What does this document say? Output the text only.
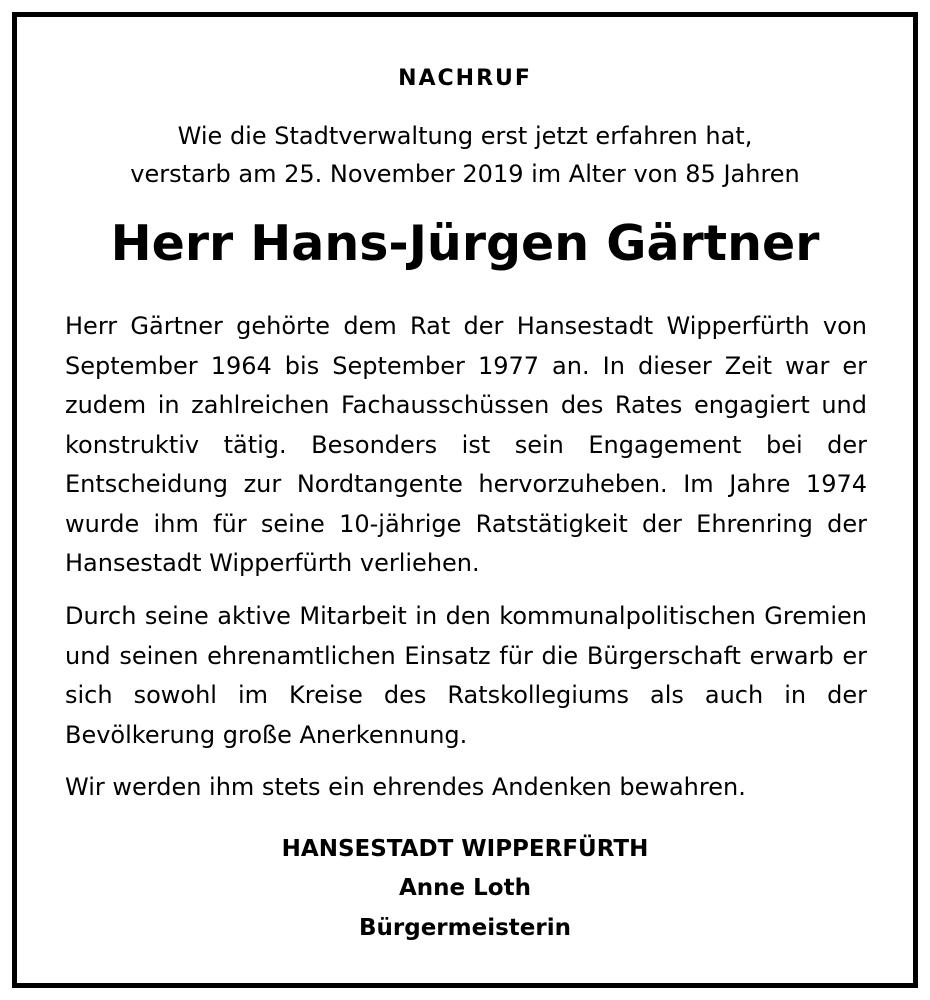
NACHRUF
Wie die Stadtverwaltung erst jetzt erfahren hat,
verstarb am 25. November 2019 im Alter von 85 Jahren
Herr Hans-Jürgen Gärtner
Herr Gärtner gehörte dem Rat der Hansestadt Wipperfürth von September 1964 bis September 1977 an. In dieser Zeit war er zudem in zahlreichen Fachausschüssen des Rates engagiert und konstruktiv tätig. Besonders ist sein Engagement bei der Entscheidung zur Nordtangente hervorzuheben. Im Jahre 1974 wurde ihm für seine 10-jährige Ratstätigkeit der Ehrenring der Hansestadt Wipperfürth verliehen.
Durch seine aktive Mitarbeit in den kommunalpolitischen Gremien und seinen ehrenamtlichen Einsatz für die Bürgerschaft erwarb er sich sowohl im Kreise des Ratskollegiums als auch in der Bevölkerung große Anerkennung.
Wir werden ihm stets ein ehrendes Andenken bewahren.
HANSESTADT WIPPERFÜRTH
Anne Loth
Bürgermeisterin
